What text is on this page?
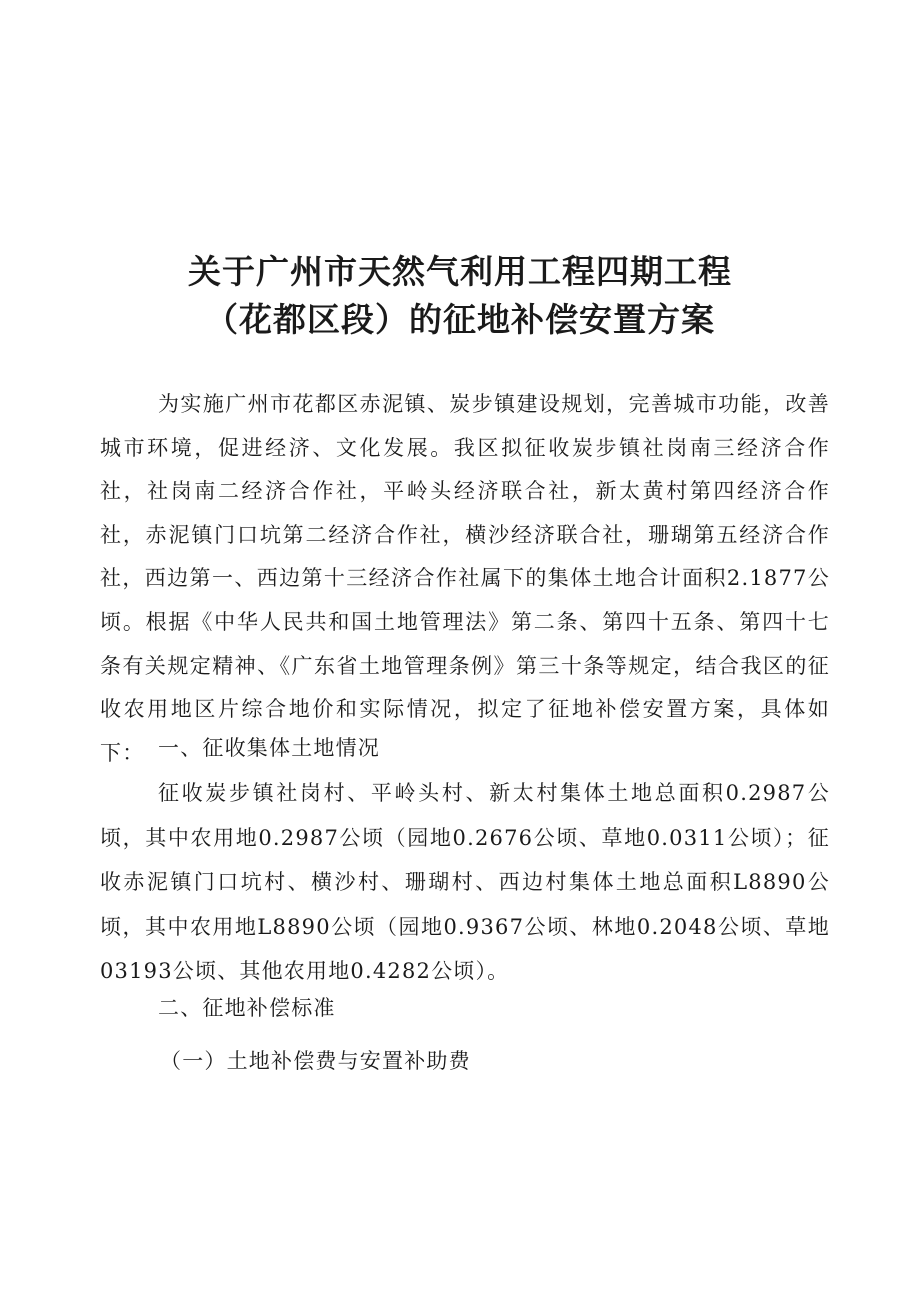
关于广州市天然气利用工程四期工程
（花都区段）的征地补偿安置方案
为实施广州市花都区赤泥镇、炭步镇建设规划，完善城市功能，改善城市环境，促进经济、文化发展。我区拟征收炭步镇社岗南三经济合作社，社岗南二经济合作社，平岭头经济联合社，新太黄村第四经济合作社，赤泥镇门口坑第二经济合作社，横沙经济联合社，珊瑚第五经济合作社，西边第一、西边第十三经济合作社属下的集体土地合计面积2.1877公顷。根据《中华人民共和国土地管理法》第二条、第四十五条、第四十七条有关规定精神、《广东省土地管理条例》第三十条等规定，结合我区的征收农用地区片综合地价和实际情况，拟定了征地补偿安置方案，具体如下： 一、征收集体土地情况
征收炭步镇社岗村、平岭头村、新太村集体土地总面积0.2987公顷，其中农用地0.2987公顷（园地0.2676公顷、草地0.0311公顷）；征收赤泥镇门口坑村、横沙村、珊瑚村、西边村集体土地总面积L8890公顷，其中农用地L8890公顷（园地0.9367公顷、林地0.2048公顷、草地03193公顷、其他农用地0.4282公顷）。
二、征地补偿标准
（一）土地补偿费与安置补助费
